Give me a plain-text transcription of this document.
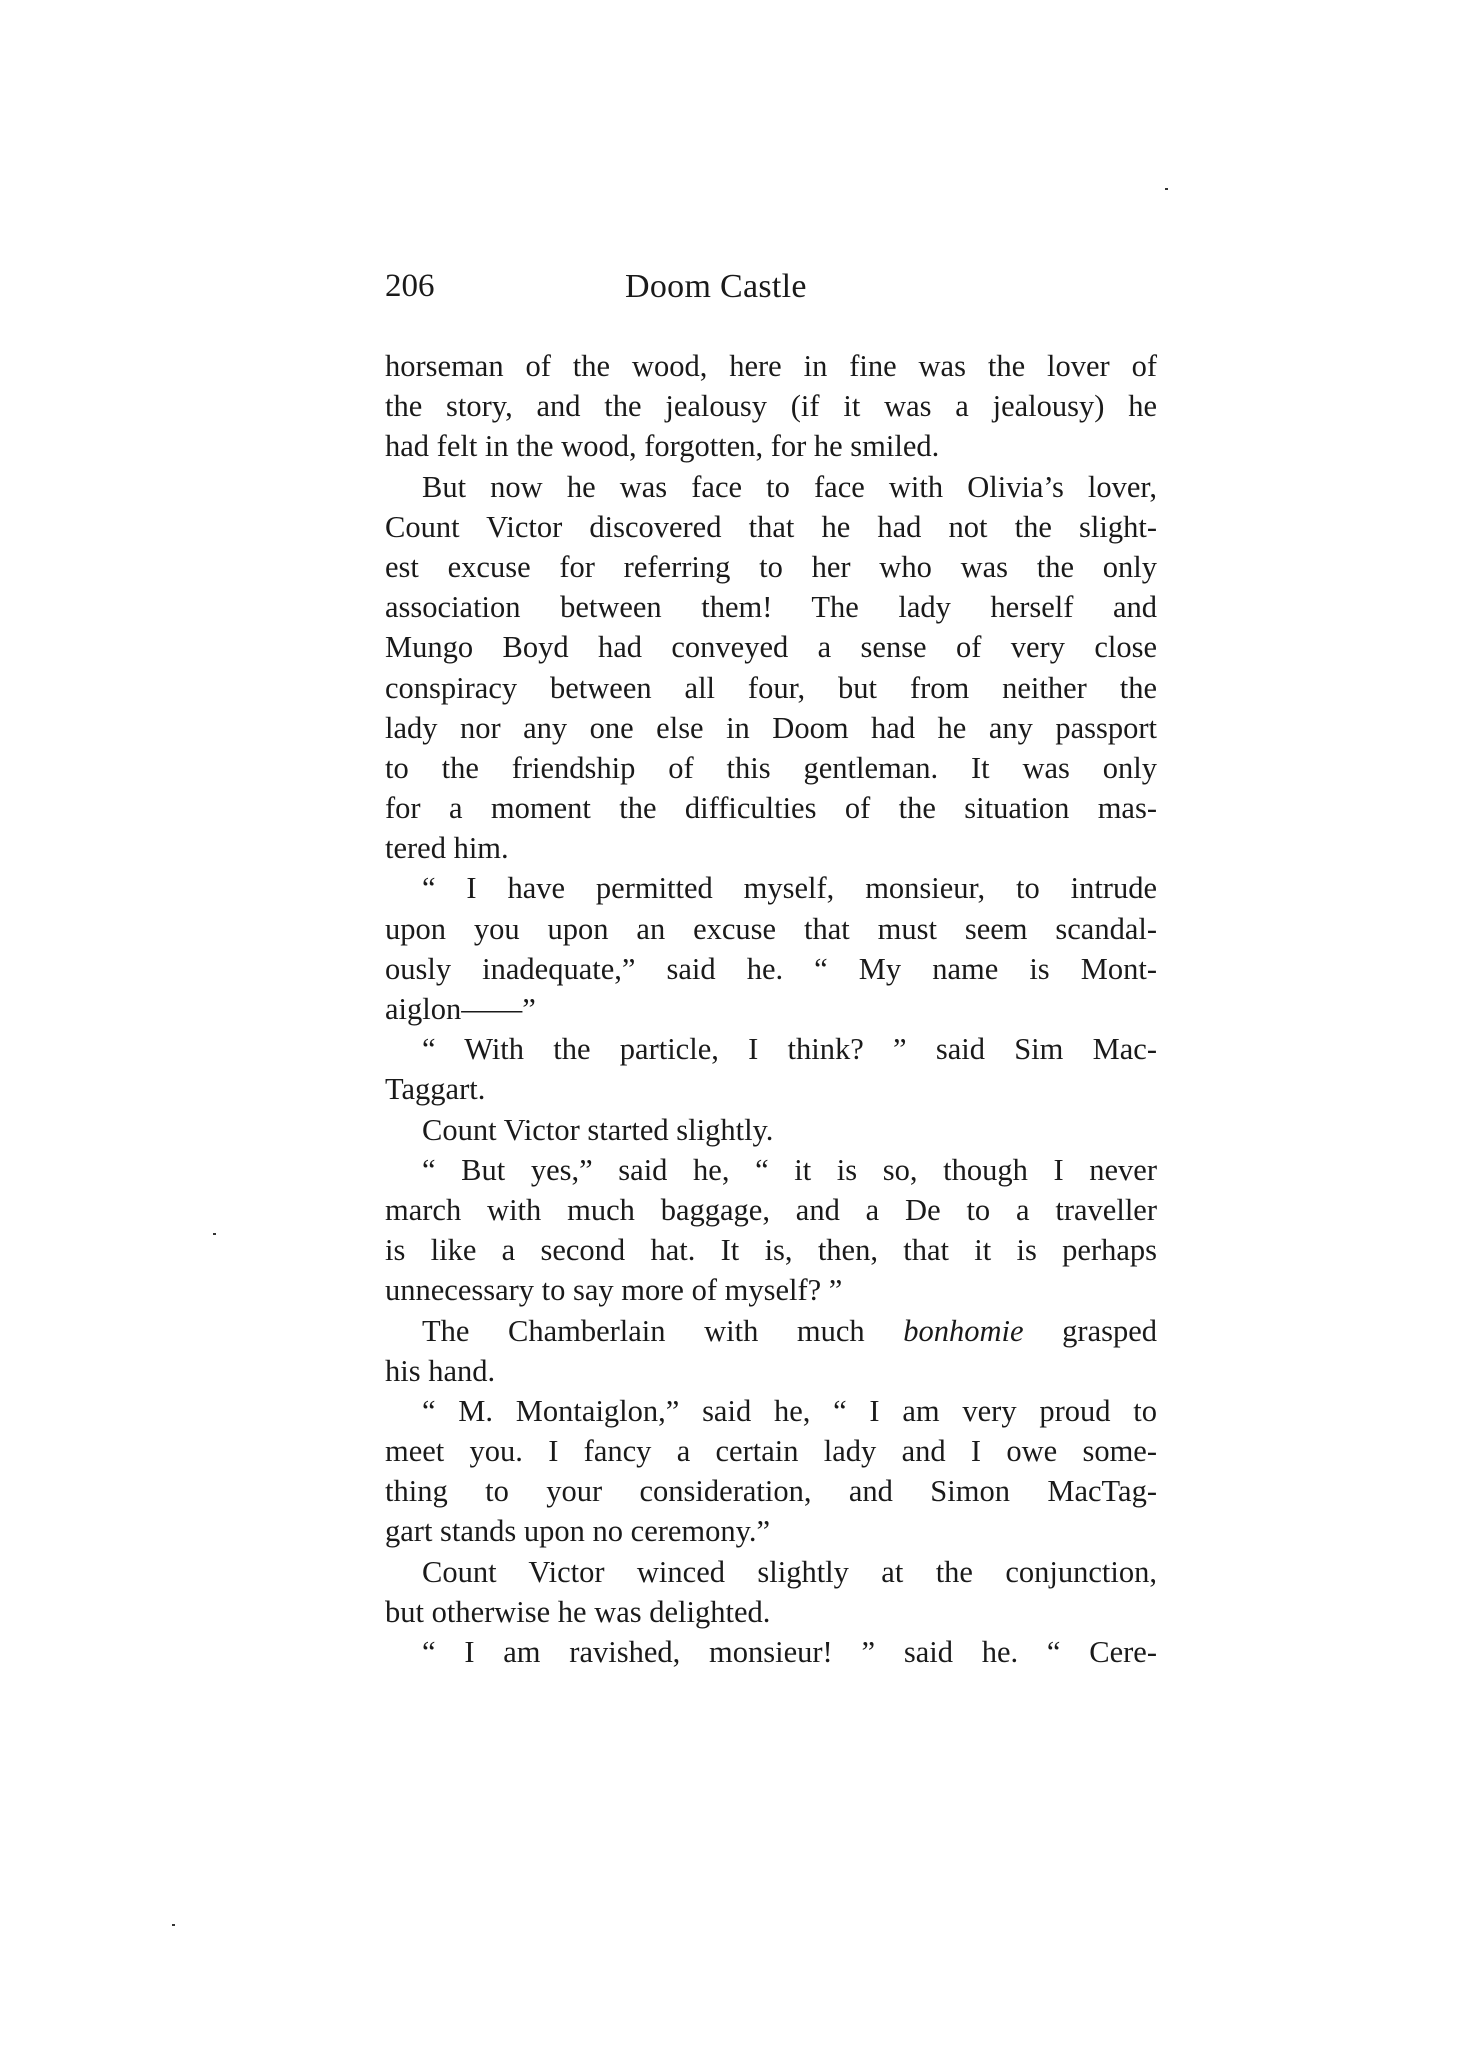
206	Doom Castle
horseman of the wood, here in fine was the lover of
the story, and the jealousy (if it was a jealousy) he
had felt in the wood, forgotten, for he smiled.
But now he was face to face with Olivia’s lover,
Count Victor discovered that he had not the slight-
est excuse for referring to her who was the only
association between them! The lady herself and
Mungo Boyd had conveyed a sense of very close
conspiracy between all four, but from neither the
lady nor any one else in Doom had he any passport
to the friendship of this gentleman. It was only
for a moment the difficulties of the situation mas-
tered him.
“ I have permitted myself, monsieur, to intrude
upon you upon an excuse that must seem scandal-
ously inadequate,” said he. “ My name is Mont-
aiglon——”
“ With the particle, I think? ” said Sim Mac-
Taggart.
Count Victor started slightly.
“ But yes,” said he, “ it is so, though I never
march with much baggage, and a De to a traveller
is like a second hat. It is, then, that it is perhaps
unnecessary to say more of myself? ”
The Chamberlain with much bonhomie grasped
his hand.
“ M. Montaiglon,” said he, “ I am very proud to
meet you. I fancy a certain lady and I owe some-
thing to your consideration, and Simon MacTag-
gart stands upon no ceremony.”
Count Victor winced slightly at the conjunction,
but otherwise he was delighted.
“ I am ravished, monsieur! ” said he. “ Cere-
